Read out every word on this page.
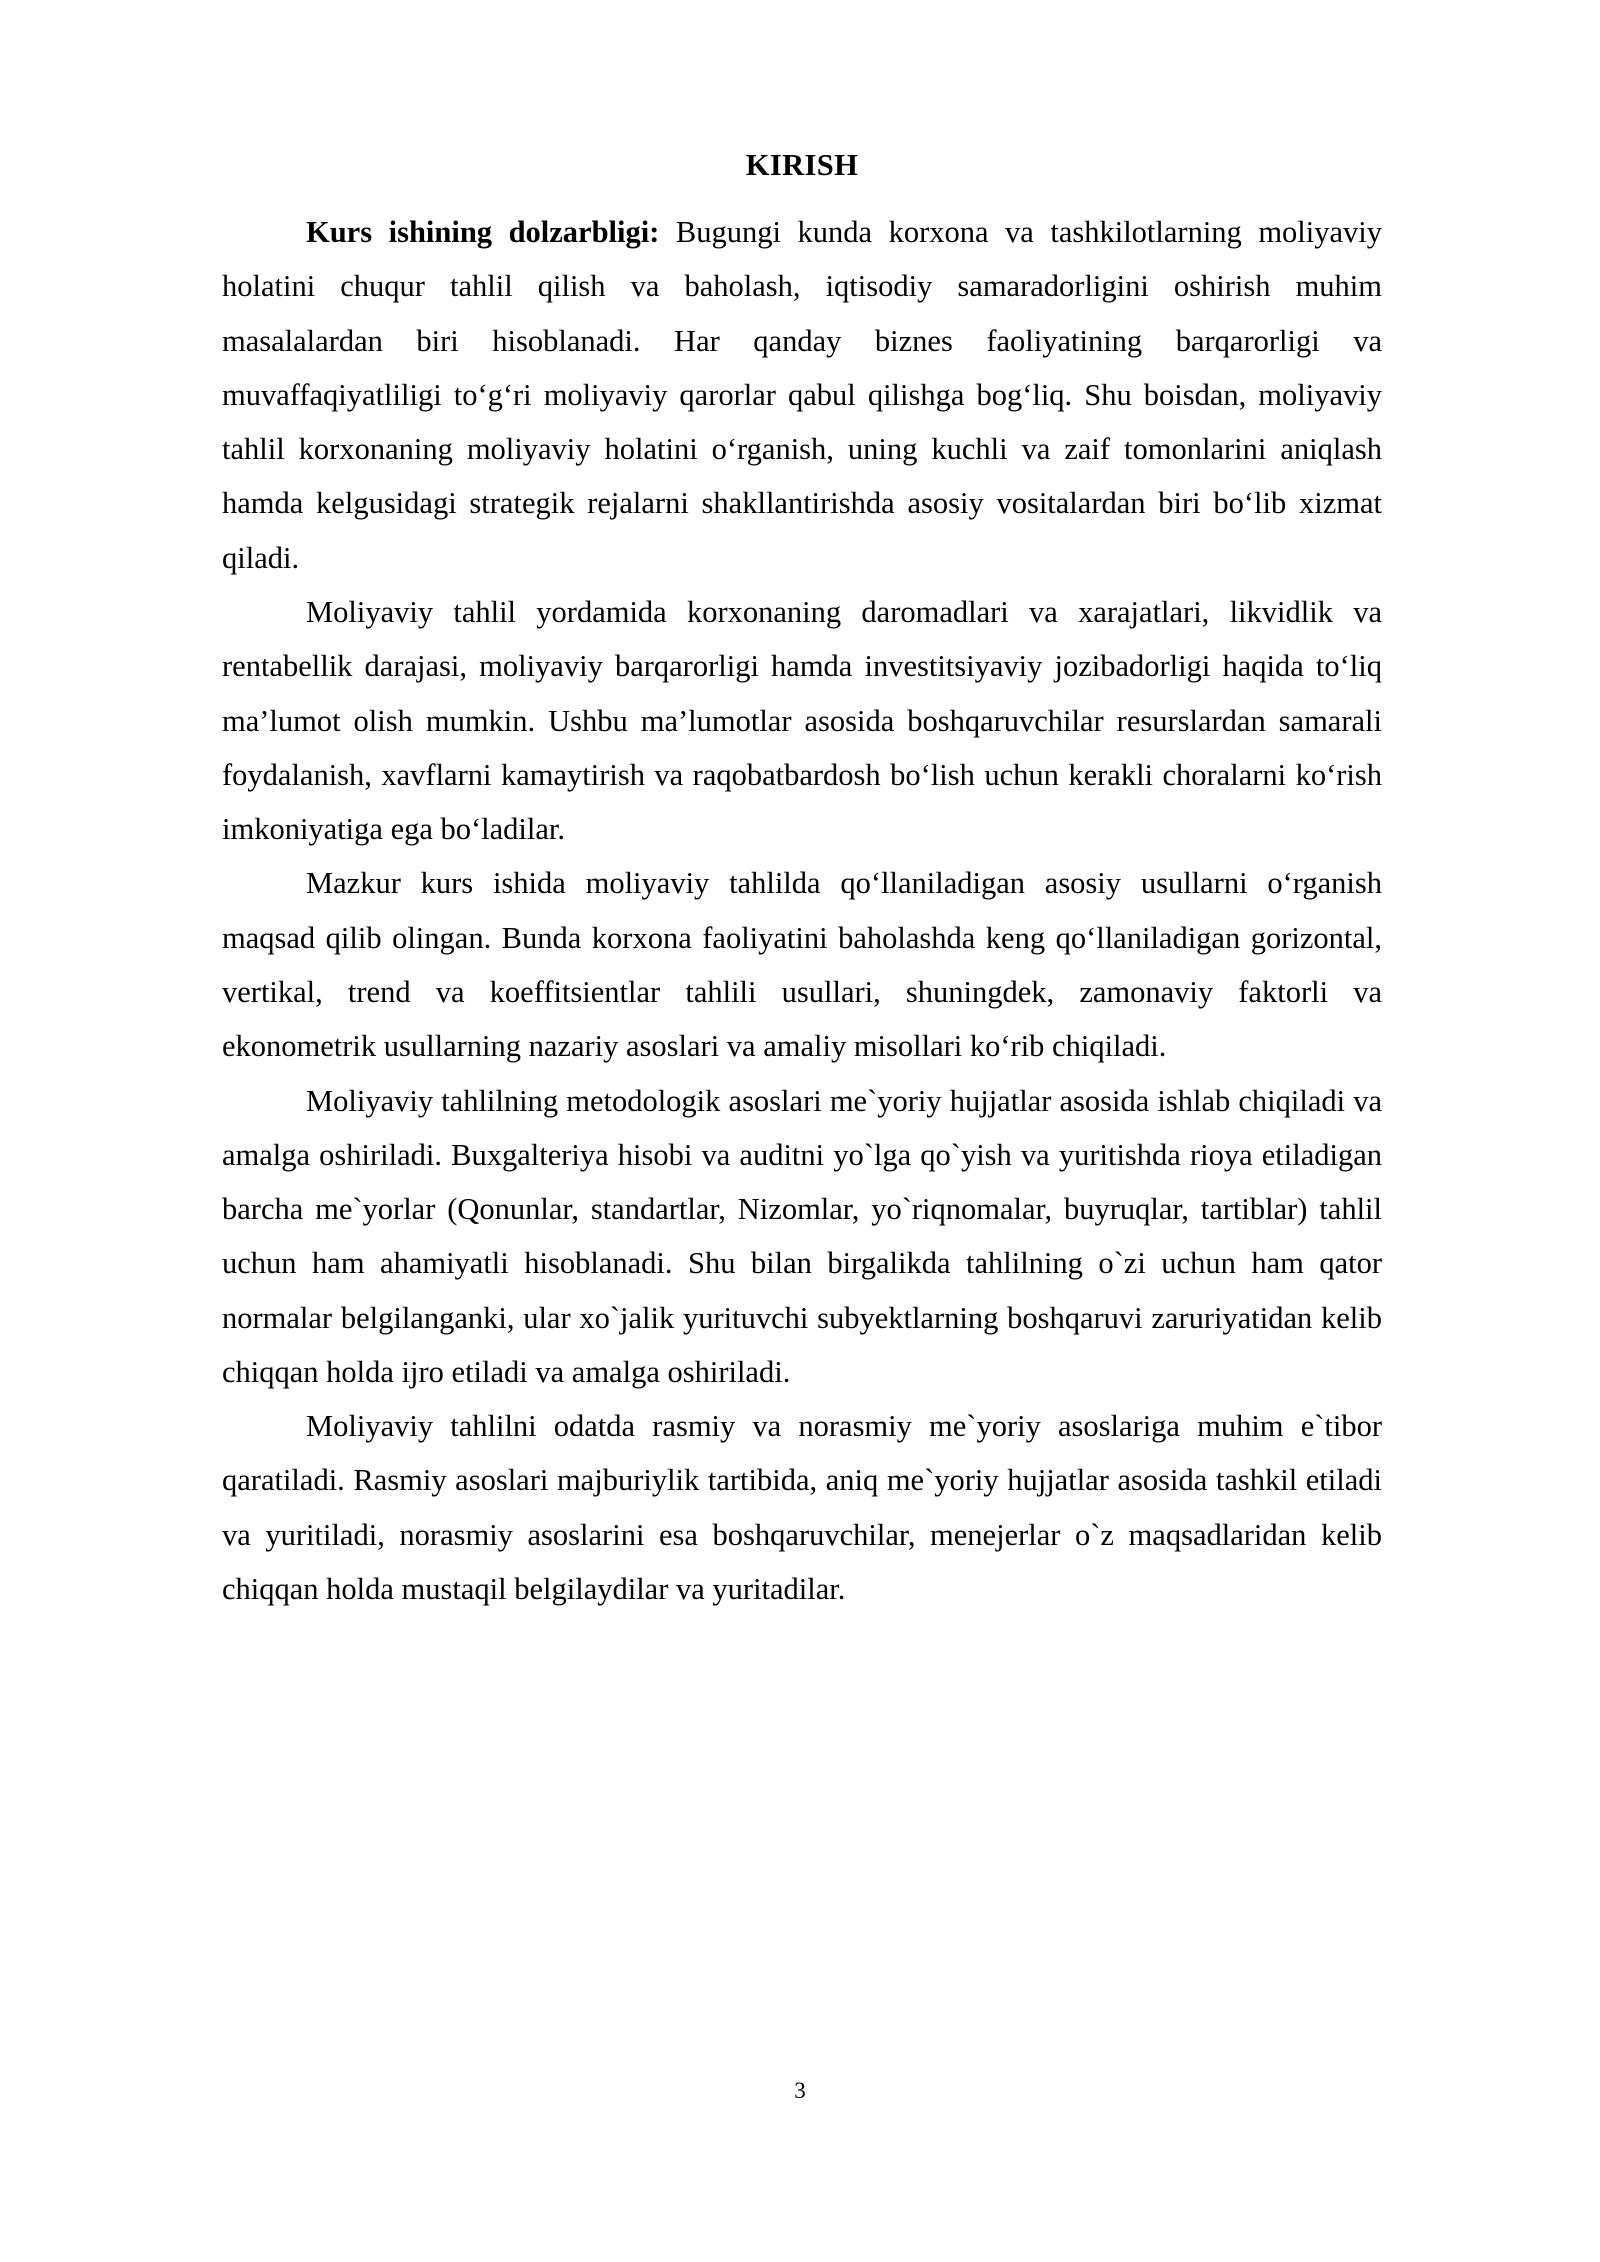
KIRISH

Kurs ishining dolzarbligi: Bugungi kunda korxona va tashkilotlarning moliyaviy holatini chuqur tahlil qilish va baholash, iqtisodiy samaradorligini oshirish muhim masalalardan biri hisoblanadi. Har qanday biznes faoliyatining barqarorligi va muvaffaqiyatliligi toʻgʻri moliyaviy qarorlar qabul qilishga bogʻliq. Shu boisdan, moliyaviy tahlil korxonaning moliyaviy holatini oʻrganish, uning kuchli va zaif tomonlarini aniqlash hamda kelgusidagi strategik rejalarni shakllantirishda asosiy vositalardan biri boʻlib xizmat qiladi.

Moliyaviy tahlil yordamida korxonaning daromadlari va xarajatlari, likvidlik va rentabellik darajasi, moliyaviy barqarorligi hamda investitsiyaviy jozibadorligi haqida toʻliq ma’lumot olish mumkin. Ushbu ma’lumotlar asosida boshqaruvchilar resurslardan samarali foydalanish, xavflarni kamaytirish va raqobatbardosh boʻlish uchun kerakli choralarni koʻrish imkoniyatiga ega boʻladilar.

Mazkur kurs ishida moliyaviy tahlilda qoʻllaniladigan asosiy usullarni oʻrganish maqsad qilib olingan. Bunda korxona faoliyatini baholashda keng qoʻllaniladigan gorizontal, vertikal, trend va koeffitsientlar tahlili usullari, shuningdek, zamonaviy faktorli va ekonometrik usullarning nazariy asoslari va amaliy misollari koʻrib chiqiladi.

Moliyaviy tahlilning metodologik asoslari me`yoriy hujjatlar asosida ishlab chiqiladi va amalga oshiriladi. Buxgalteriya hisobi va auditni yo`lga qo`yish va yuritishda rioya etiladigan barcha me`yorlar (Qonunlar, standartlar, Nizomlar, yo`riqnomalar, buyruqlar, tartiblar) tahlil uchun ham ahamiyatli hisoblanadi. Shu bilan birgalikda tahlilning o`zi uchun ham qator normalar belgilanganki, ular xo`jalik yurituvchi subyektlarning boshqaruvi zaruriyatidan kelib chiqqan holda ijro etiladi va amalga oshiriladi.

Moliyaviy tahlilni odatda rasmiy va norasmiy me`yoriy asoslariga muhim e`tibor qaratiladi. Rasmiy asoslari majburiylik tartibida, aniq me`yoriy hujjatlar asosida tashkil etiladi va yuritiladi, norasmiy asoslarini esa boshqaruvchilar, menejerlar o`z maqsadlaridan kelib chiqqan holda mustaqil belgilaydilar va yuritadilar.

3
